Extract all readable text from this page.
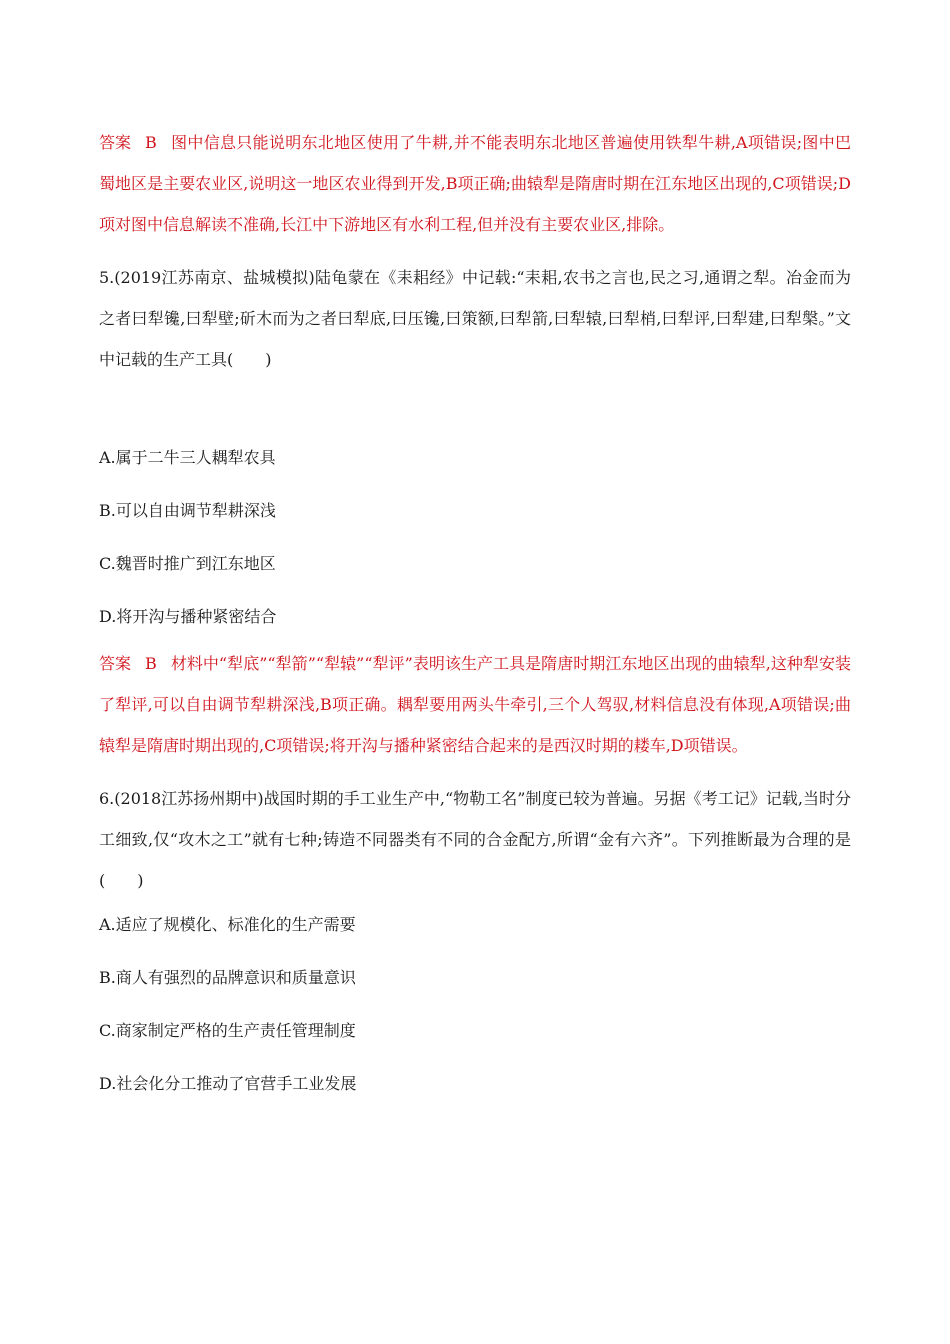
答案 B 图中信息只能说明东北地区使用了牛耕,并不能表明东北地区普遍使用铁犁牛耕,A项错误;图中巴蜀地区是主要农业区,说明这一地区农业得到开发,B项正确;曲辕犁是隋唐时期在江东地区出现的,C项错误;D项对图中信息解读不准确,长江中下游地区有水利工程,但并没有主要农业区,排除。

5.(2019江苏南京、盐城模拟)陆龟蒙在《耒耜经》中记载:“耒耜,农书之言也,民之习,通谓之犁。冶金而为之者曰犁镵,曰犁壁;斫木而为之者曰犁底,曰压镵,曰策额,曰犁箭,曰犁辕,曰犁梢,曰犁评,曰犁建,曰犁槃。”文中记载的生产工具(　　)

A.属于二牛三人耦犁农具

B.可以自由调节犁耕深浅

C.魏晋时推广到江东地区

D.将开沟与播种紧密结合

答案 B 材料中“犁底”“犁箭”“犁辕”“犁评”表明该生产工具是隋唐时期江东地区出现的曲辕犁,这种犁安装了犁评,可以自由调节犁耕深浅,B项正确。耦犁要用两头牛牵引,三个人驾驭,材料信息没有体现,A项错误;曲辕犁是隋唐时期出现的,C项错误;将开沟与播种紧密结合起来的是西汉时期的耧车,D项错误。

6.(2018江苏扬州期中)战国时期的手工业生产中,“物勒工名”制度已较为普遍。另据《考工记》记载,当时分工细致,仅“攻木之工”就有七种;铸造不同器类有不同的合金配方,所谓“金有六齐”。下列推断最为合理的是(　　)

A.适应了规模化、标准化的生产需要

B.商人有强烈的品牌意识和质量意识

C.商家制定严格的生产责任管理制度

D.社会化分工推动了官营手工业发展
